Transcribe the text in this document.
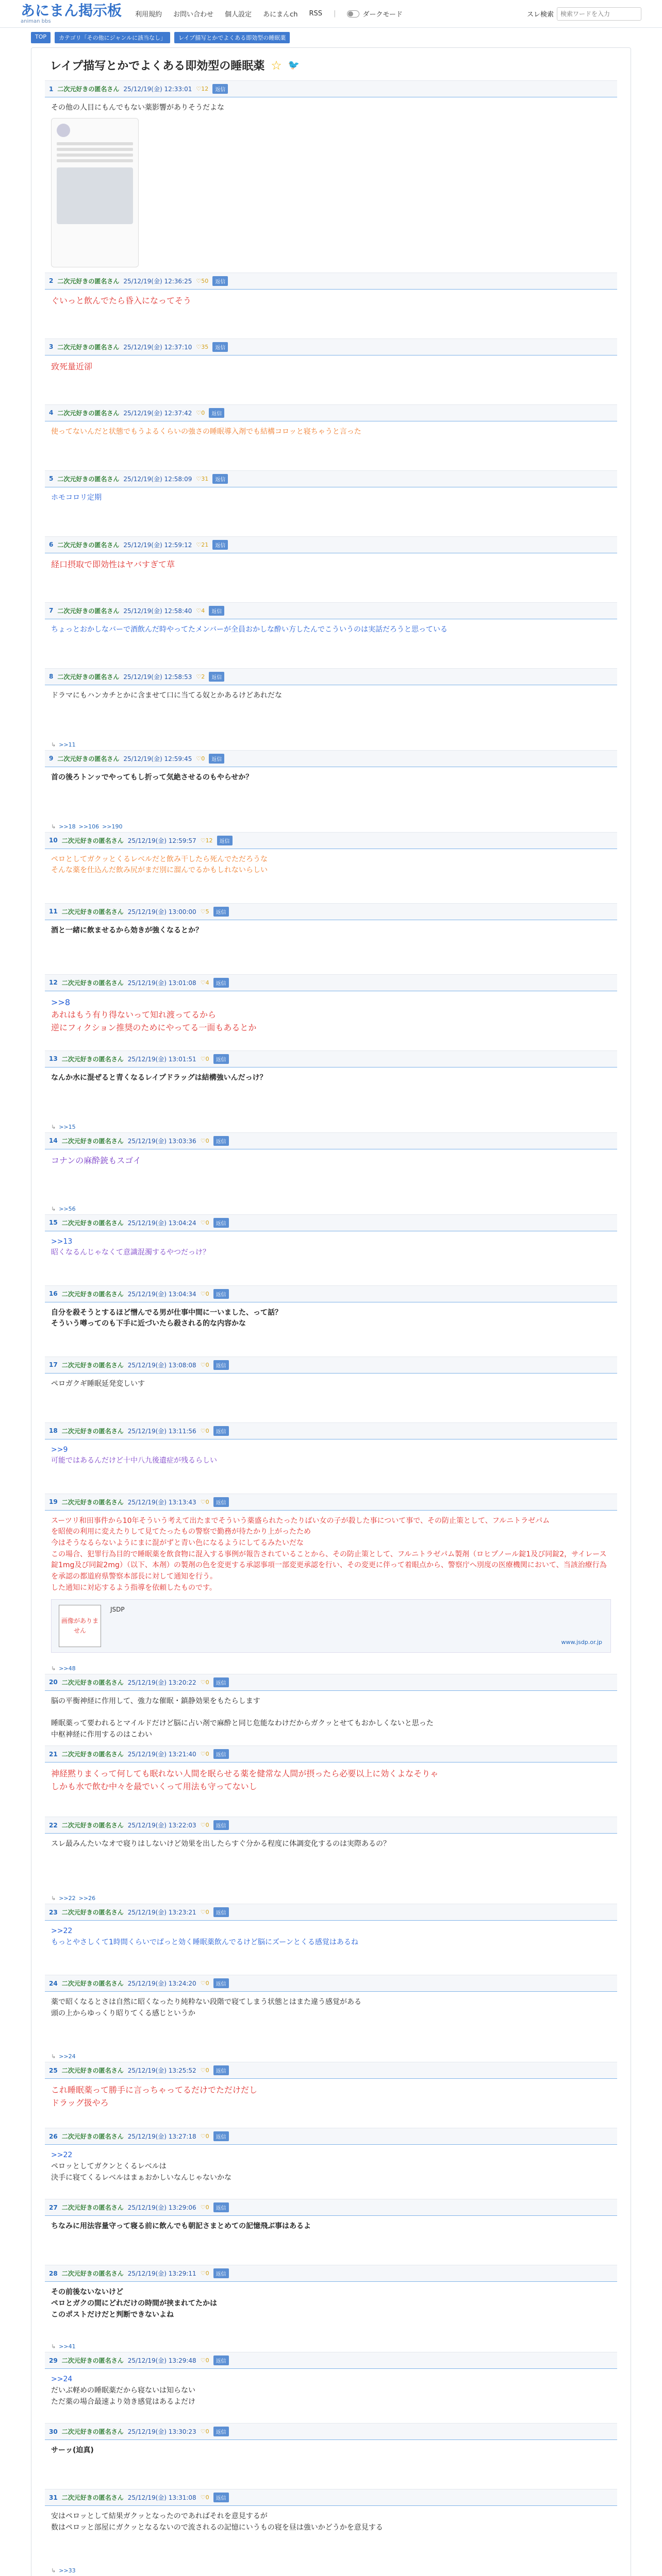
あにまん掲示板
animan bbs
利用規約 お問い合わせ 個人設定 あにまんch RSS |	ダークモード	スレ検索
検索ワードを入力
TOP	カテゴリ「その他にジャンルに該当なし」	レイプ描写とかでよくある即効型の睡眠薬
レイプ描写とかでよくある即効型の睡眠薬 ☆ 🐦
1 二次元好きの匿名さん 25/12/19(金) 12:33:01 ♡12	返信
その他の人目にもんでもない薬影響がありそうだよな
2 二次元好きの匿名さん 25/12/19(金) 12:36:25 ♡50	返信
ぐいっと飲んでたら昏入になってそう
3 二次元好きの匿名さん 25/12/19(金) 12:37:10 ♡35	返信
致死量近卻
4 二次元好きの匿名さん 25/12/19(金) 12:37:42 ♡0	返信
使ってないんだと状態でもうよるくらいの強さの睡眠導入剤でも結構コロッと寝ちゃうと言った
5 二次元好きの匿名さん 25/12/19(金) 12:58:09 ♡31	返信
ホモコロリ定期
6 二次元好きの匿名さん 25/12/19(金) 12:59:12 ♡21	返信
経口摂取で即効性はヤバすぎて草
7 二次元好きの匿名さん 25/12/19(金) 12:58:40 ♡4	返信
ちょっとおかしなバーで酒飲んだ時やってたメンバーが全員おかしな酔い方したんでこういうのは実話だろうと思っている
8 二次元好きの匿名さん 25/12/19(金) 12:58:53 ♡2	返信
ドラマにもハンカチとかに含ませて口に当てる奴とかあるけどあれだな
↳ >>11
9 二次元好きの匿名さん 25/12/19(金) 12:59:45 ♡0	返信
首の後ろトンッでやってもし折って気絶させるのもやらせか？
↳ >>18 >>106 >>190
10 二次元好きの匿名さん 25/12/19(金) 12:59:57 ♡12	返信
ペロとしてガクッとくるレベルだと飲み干したら死んでただろうな
そんな薬を仕込んだ飲み尻がまだ別に溜んでるかもしれないらしい
11 二次元好きの匿名さん 25/12/19(金) 13:00:00 ♡5	返信
酒と一緒に飲ませるから効きが強くなるとか？
12 二次元好きの匿名さん 25/12/19(金) 13:01:08 ♡4	返信
>>8
あれはもう有り得ないって知れ渡ってるから
逆にフィクション推奨のためにやってる一面もあるとか
13 二次元好きの匿名さん 25/12/19(金) 13:01:51 ♡0	返信
なんか水に混ぜると青くなるレイプドラッグは結構強いんだっけ？
↳ >>15
14 二次元好きの匿名さん 25/12/19(金) 13:03:36 ♡0	返信
コナンの麻酔銃もスゴイ
↳ >>56
15 二次元好きの匿名さん 25/12/19(金) 13:04:24 ♡0	返信
>>13
昭くなるんじゃなくて意識混濁するやつだっけ？
16 二次元好きの匿名さん 25/12/19(金) 13:04:34 ♡0	返信
自分を殺そうとするほど憎んでる男が仕事中間に一いました、って話？
そういう噂ってのも下手に近づいたら殺される的な内容かな
17 二次元好きの匿名さん 25/12/19(金) 13:08:08 ♡0	返信
ペロガクギ睡眠延発変しいす
18 二次元好きの匿名さん 25/12/19(金) 13:11:56 ♡0	返信
>>9
可能ではあるんだけど十中八九後遺症が残るらしい
19 二次元好きの匿名さん 25/12/19(金) 13:13:43 ♡0	返信
スーツリ和田事件から10年そういう考えて出たまでそういう薬盛られたったりばい女の子が殺した事について事で、その防止策として、フルニトラゼパム
を昭使の利用に変えたりして見てたったもの警察で勤務が待たかり上がったため
今はそうなるらないようにまに混がずと青い色になるようにしてるみたいだな
この場合、犯罪行為目的で睡眠薬を飲食物に混入する事例が報告されていることから、その防止策として、フルニトラゼパム製剤（ロヒプノール錠1及び同錠2，サイレース錠1mg及び同錠2mg）（以下、本剤）の製剤の色を変更する承認事項一部変更承認を行い、その変更に伴って着眼点から、警察庁へ別度の医療機関において、当該治療行為を承認の都道府県警察本部長に対して通知を行う。
した通知に対応するよう指導を依頼したものです。
画像がありません
JSDP
www.jsdp.or.jp
↳ >>48
20 二次元好きの匿名さん 25/12/19(金) 13:20:22 ♡0	返信
脳の平衡神経に作用して、強力な催眠・鎮静効果をもたらします

睡眠薬って要われるとマイルドだけど脳に占い剤で麻酔と同じ危能なわけだからガクッとせてもおかしくないと思った
中枢神経に作用するのはこわい
21 二次元好きの匿名さん 25/12/19(金) 13:21:40 ♡0	返信
神経黙りまくって何しても眠れない人間を眠らせる薬を健常な人間が摂ったら必要以上に効くよなそりゃ
しかも水で飲む中々を最でいくって用法も守ってないし
22 二次元好きの匿名さん 25/12/19(金) 13:22:03 ♡0	返信
スレ最みんたいなオで寝りはしないけど効果を出したらすぐ分かる程度に体調変化するのは実際あるの？
↳ >>22 >>26
23 二次元好きの匿名さん 25/12/19(金) 13:23:21 ♡0	返信
>>22
もっとやさしくて1時間くらいでぱっと効く睡眠薬飲んでるけど脳にズーンとくる感覚はあるね
24 二次元好きの匿名さん 25/12/19(金) 13:24:20 ♡0	返信
薬で昭くなるとさは自然に昭くなったり純粋ない段階で寝てしまう状態とはまた違う感覚がある
頭の上からゆっくり昭りてくる感じというか
↳ >>24
25 二次元好きの匿名さん 25/12/19(金) 13:25:52 ♡0	返信
これ睡眠薬って勝手に言っちゃってるだけでただけだし
ドラッグ扱やろ
26 二次元好きの匿名さん 25/12/19(金) 13:27:18 ♡0	返信
>>22
ペロッとしてガクンとくるレベルは
決手に寝てくるレベルはまぁおかしいなんじゃないかな
27 二次元好きの匿名さん 25/12/19(金) 13:29:06 ♡0	返信
ちなみに用法容量守って寝る前に飲んでも朝記さまとめての記憶飛ぶ事はあるよ
28 二次元好きの匿名さん 25/12/19(金) 13:29:11 ♡0	返信
その前後ないないけど
ペロとガクの間にどれだけの時間が挟まれてたかは
このポストだけだと判断できないよね
↳ >>41
29 二次元好きの匿名さん 25/12/19(金) 13:29:48 ♡0	返信
>>24
だいぶ軽めの睡眠薬だから寝ないは知らない
ただ薬の場合最速より効き感覚はあるよだけ
30 二次元好きの匿名さん 25/12/19(金) 13:30:23 ♡0	返信
サーッ(迫真)
31 二次元好きの匿名さん 25/12/19(金) 13:31:08 ♡0	返信
安はペロッとして結果ガクッとなったのであればそれを意見するが
数はペロッと部屋にガクッとなるないので流されるの記憶にいうもの寝を昼は強いかどうかを意見する
↳ >>33
